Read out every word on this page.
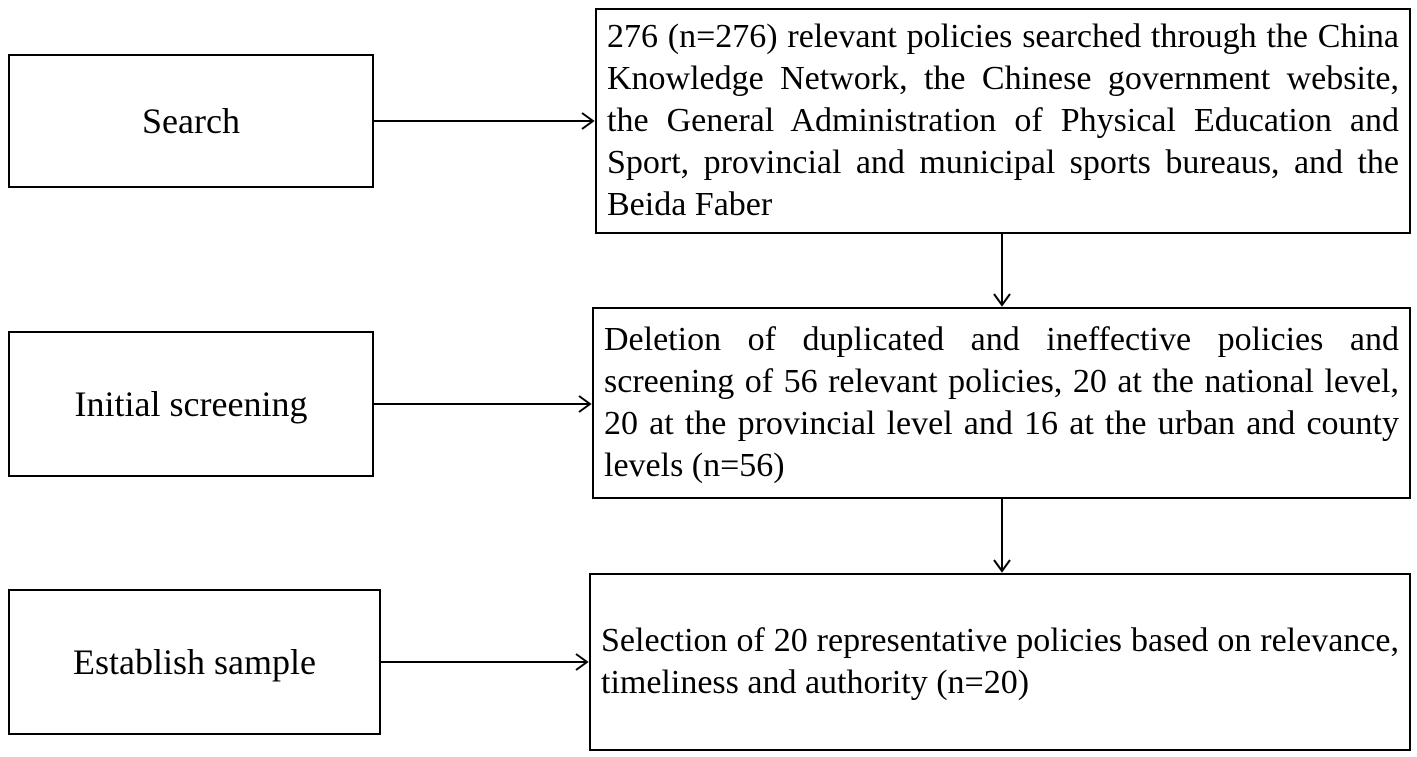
Search
Initial screening
Establish sample
276 (n=276) relevant policies searched through the China Knowledge Network, the Chinese government website, the General Administration of Physical Education and Sport, provincial and municipal sports bureaus, and the Beida Faber
Deletion of duplicated and ineffective policies and screening of 56 relevant policies, 20 at the national level, 20 at the provincial level and 16 at the urban and county levels (n=56)
Selection of 20 representative policies based on relevance, timeliness and authority (n=20)
